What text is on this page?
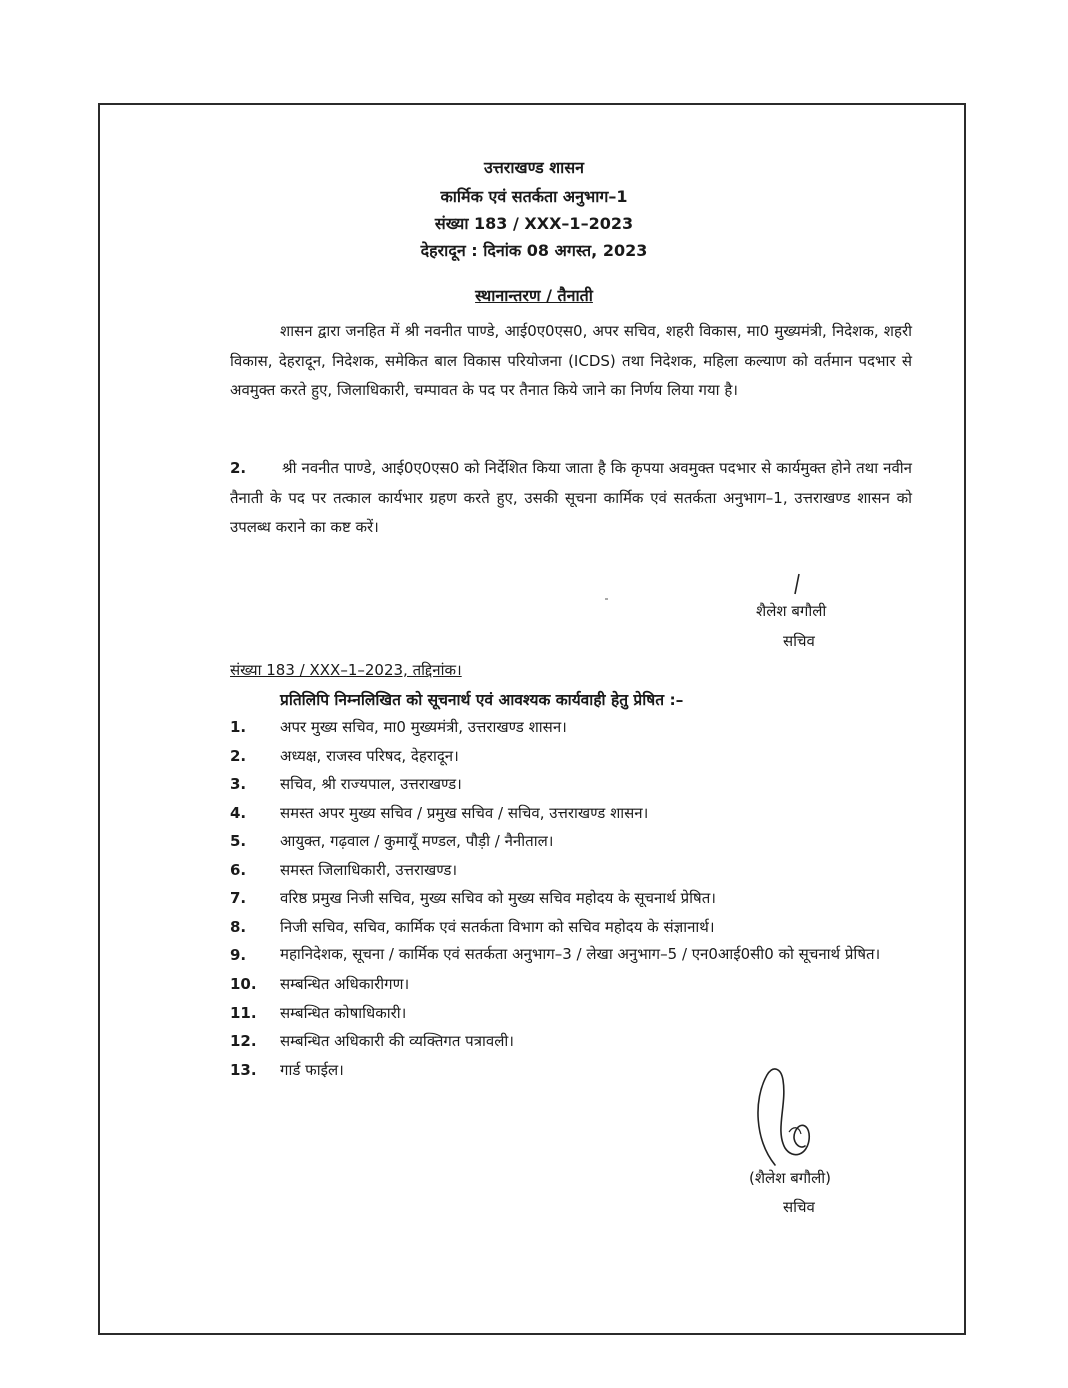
उत्तराखण्ड शासन
कार्मिक एवं सतर्कता अनुभाग–1
संख्या 183 / XXX–1–2023
देहरादून : दिनांक 08 अगस्त, 2023
स्थानान्तरण / तैनाती

शासन द्वारा जनहित में श्री नवनीत पाण्डे, आई0ए0एस0, अपर सचिव, शहरी विकास, मा0 मुख्यमंत्री, निदेशक, शहरी विकास, देहरादून, निदेशक, समेकित बाल विकास परियोजना (ICDS) तथा निदेशक, महिला कल्याण को वर्तमान पदभार से अवमुक्त करते हुए, जिलाधिकारी, चम्पावत के पद पर तैनात किये जाने का निर्णय लिया गया है।

2. श्री नवनीत पाण्डे, आई0ए0एस0 को निर्देशित किया जाता है कि कृपया अवमुक्त पदभार से कार्यमुक्त होने तथा नवीन तैनाती के पद पर तत्काल कार्यभार ग्रहण करते हुए, उसकी सूचना कार्मिक एवं सतर्कता अनुभाग–1, उत्तराखण्ड शासन को उपलब्ध कराने का कष्ट करें।

शैलेश बगौली
सचिव
संख्या 183 / XXX–1–2023, तद्दिनांक।
प्रतिलिपि निम्नलिखित को सूचनार्थ एवं आवश्यक कार्यवाही हेतु प्रेषित :–
1.	अपर मुख्य सचिव, मा0 मुख्यमंत्री, उत्तराखण्ड शासन।
2.	अध्यक्ष, राजस्व परिषद, देहरादून।
3.	सचिव, श्री राज्यपाल, उत्तराखण्ड।
4.	समस्त अपर मुख्य सचिव / प्रमुख सचिव / सचिव, उत्तराखण्ड शासन।
5.	आयुक्त, गढ़वाल / कुमायूँ मण्डल, पौड़ी / नैनीताल।
6.	समस्त जिलाधिकारी, उत्तराखण्ड।
7.	वरिष्ठ प्रमुख निजी सचिव, मुख्य सचिव को मुख्य सचिव महोदय के सूचनार्थ प्रेषित।
8.	निजी सचिव, सचिव, कार्मिक एवं सतर्कता विभाग को सचिव महोदय के संज्ञानार्थ।
9.	महानिदेशक, सूचना / कार्मिक एवं सतर्कता अनुभाग–3 / लेखा अनुभाग–5 / एन0आई0सी0 को सूचनार्थ प्रेषित।
10.	सम्बन्धित अधिकारीगण।
11.	सम्बन्धित कोषाधिकारी।
12.	सम्बन्धित अधिकारी की व्यक्तिगत पत्रावली।
13.	गार्ड फाईल।
(शैलेश बगौली)
सचिव
